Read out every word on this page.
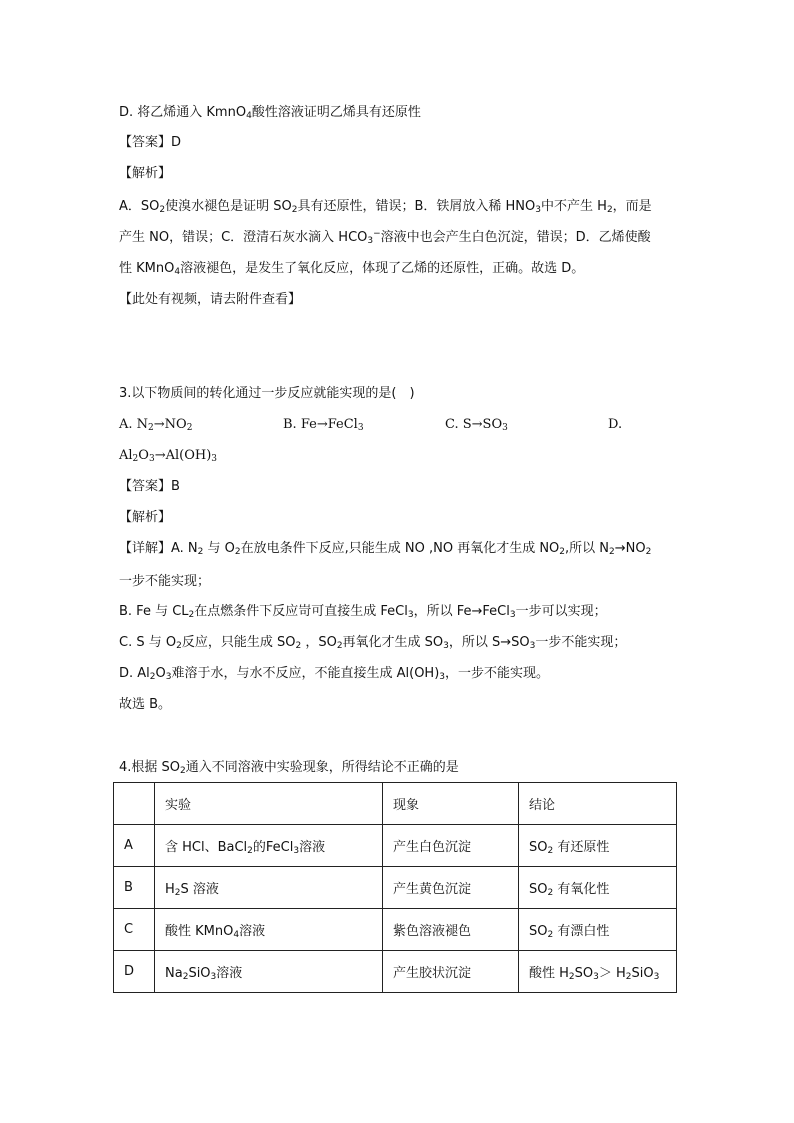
D. 将乙烯通入 KmnO$_4$酸性溶液证明乙烯具有还原性
【答案】D
【解析】
A．$SO_2$使溴水褪色是证明 $SO_2$具有还原性，错误；B．铁屑放入稀 $HNO_3$中不产生 $H_2$，而是
产生 NO，错误；C．澄清石灰水滴入 $HCO_3^-$溶液中也会产生白色沉淀，错误；D．乙烯使酸
性 KMnO$_4$溶液褪色，是发生了氧化反应，体现了乙烯的还原性，正确。故选 D。
【此处有视频，请去附件查看】
3.以下物质间的转化通过一步反应就能实现的是(　)
A. $N_2\to NO_2$	B. Fe→FeCl$_3$	C. $S\to SO_3$	D.
$Al_2O_3\to Al(OH)_3$
【答案】B
【解析】
【详解】A. $N_2$ 与 $O_2$在放电条件下反应,只能生成 NO ,NO 再氧化才生成 $NO_2$,所以 $N_2\to NO_2$
一步不能实现；
B. Fe 与 $CL_2$在点燃条件下反应岢可直接生成 FeCl$_3$，所以 Fe→FeCl$_3$一步可以实现；
C. S 与 $O_2$反应，只能生成 $SO_2$ ，$SO_2$再氧化才生成 $SO_3$，所以 $S\to SO_3$一步不能实现；
D. $Al_2O_3$难溶于水，与水不反应，不能直接生成 $Al(OH)_3$，一步不能实现。
故选 B。
4.根据 $SO_2$通入不同溶液中实验现象，所得结论不正确的是
	实验	现象	结论
A	含 HCl、BaCl$_2$的FeCl$_3$溶液	产生白色沉淀	$SO_2$ 有还原性
B	$H_2S$ 溶液	产生黄色沉淀	$SO_2$ 有氧化性
C	酸性 KMnO$_4$溶液	紫色溶液褪色	$SO_2$ 有漂白性
D	$Na_2SiO_3$溶液	产生胶状沉淀	酸性 $H_2SO_3> H_2SiO_3$
